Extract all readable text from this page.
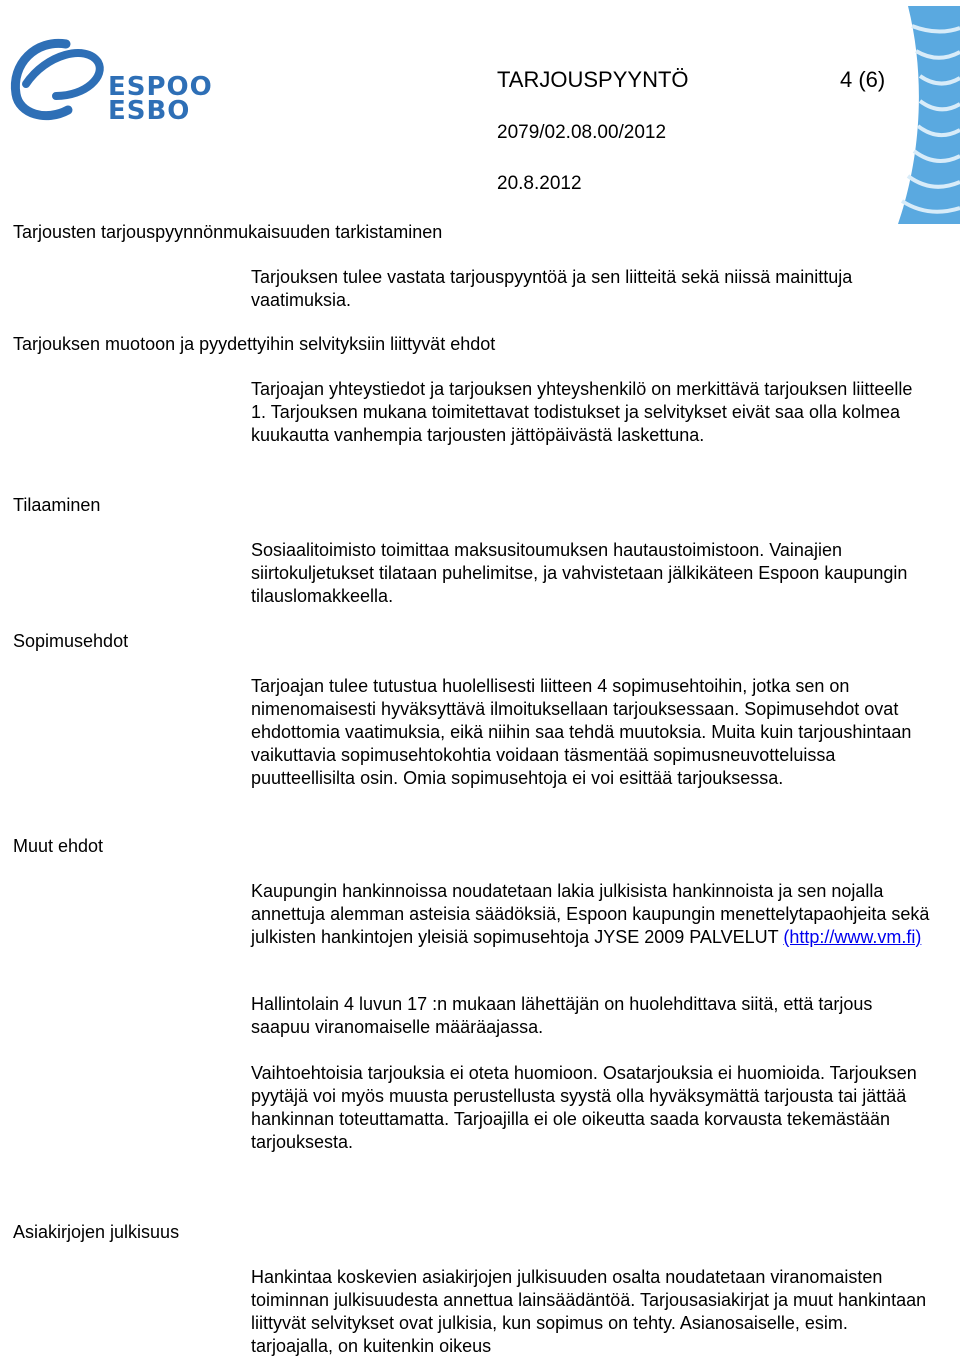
ESPOO
ESBO
TARJOUSPYYNTÖ	4 (6)
2079/02.08.00/2012
20.8.2012
Tarjousten tarjouspyynnönmukaisuuden tarkistaminen

Tarjouksen tulee vastata tarjouspyyntöä ja sen liitteitä sekä niissä mainittuja vaatimuksia.

Tarjouksen muotoon ja pyydettyihin selvityksiin liittyvät ehdot

Tarjoajan yhteystiedot ja tarjouksen yhteyshenkilö on merkittävä tarjouksen liitteelle 1. Tarjouksen mukana toimitettavat todistukset ja selvitykset eivät saa olla kolmea kuukautta vanhempia tarjousten jättöpäivästä laskettuna.

Tilaaminen

Sosiaalitoimisto toimittaa maksusitoumuksen hautaustoimistoon. Vainajien siirtokuljetukset tilataan puhelimitse, ja vahvistetaan jälkikäteen Espoon kaupungin tilauslomakkeella.

Sopimusehdot

Tarjoajan tulee tutustua huolellisesti liitteen 4 sopimusehtoihin, jotka sen on nimenomaisesti hyväksyttävä ilmoituksellaan tarjouksessaan. Sopimusehdot ovat ehdottomia vaatimuksia, eikä niihin saa tehdä muutoksia. Muita kuin tarjoushintaan vaikuttavia sopimusehtokohtia voidaan täsmentää sopimusneuvotteluissa puutteellisilta osin. Omia sopimusehtoja ei voi esittää tarjouksessa.

Muut ehdot

Kaupungin hankinnoissa noudatetaan lakia julkisista hankinnoista ja sen nojalla annettuja alemman asteisia säädöksiä, Espoon kaupungin menettelytapaohjeita sekä julkisten hankintojen yleisiä sopimusehtoja JYSE 2009 PALVELUT (http://www.vm.fi)

Hallintolain 4 luvun 17 :n mukaan lähettäjän on huolehdittava siitä, että tarjous saapuu viranomaiselle määräajassa.

Vaihtoehtoisia tarjouksia ei oteta huomioon. Osatarjouksia ei huomioida. Tarjouksen pyytäjä voi myös muusta perustellusta syystä olla hyväksymättä tarjousta tai jättää hankinnan toteuttamatta. Tarjoajilla ei ole oikeutta saada korvausta tekemästään tarjouksesta.

Asiakirjojen julkisuus

Hankintaa koskevien asiakirjojen julkisuuden osalta noudatetaan viranomaisten toiminnan julkisuudesta annettua lainsäädäntöä. Tarjousasiakirjat ja muut hankintaan liittyvät selvitykset ovat julkisia, kun sopimus on tehty. Asianosaiselle, esim. tarjoajalla, on kuitenkin oikeus
